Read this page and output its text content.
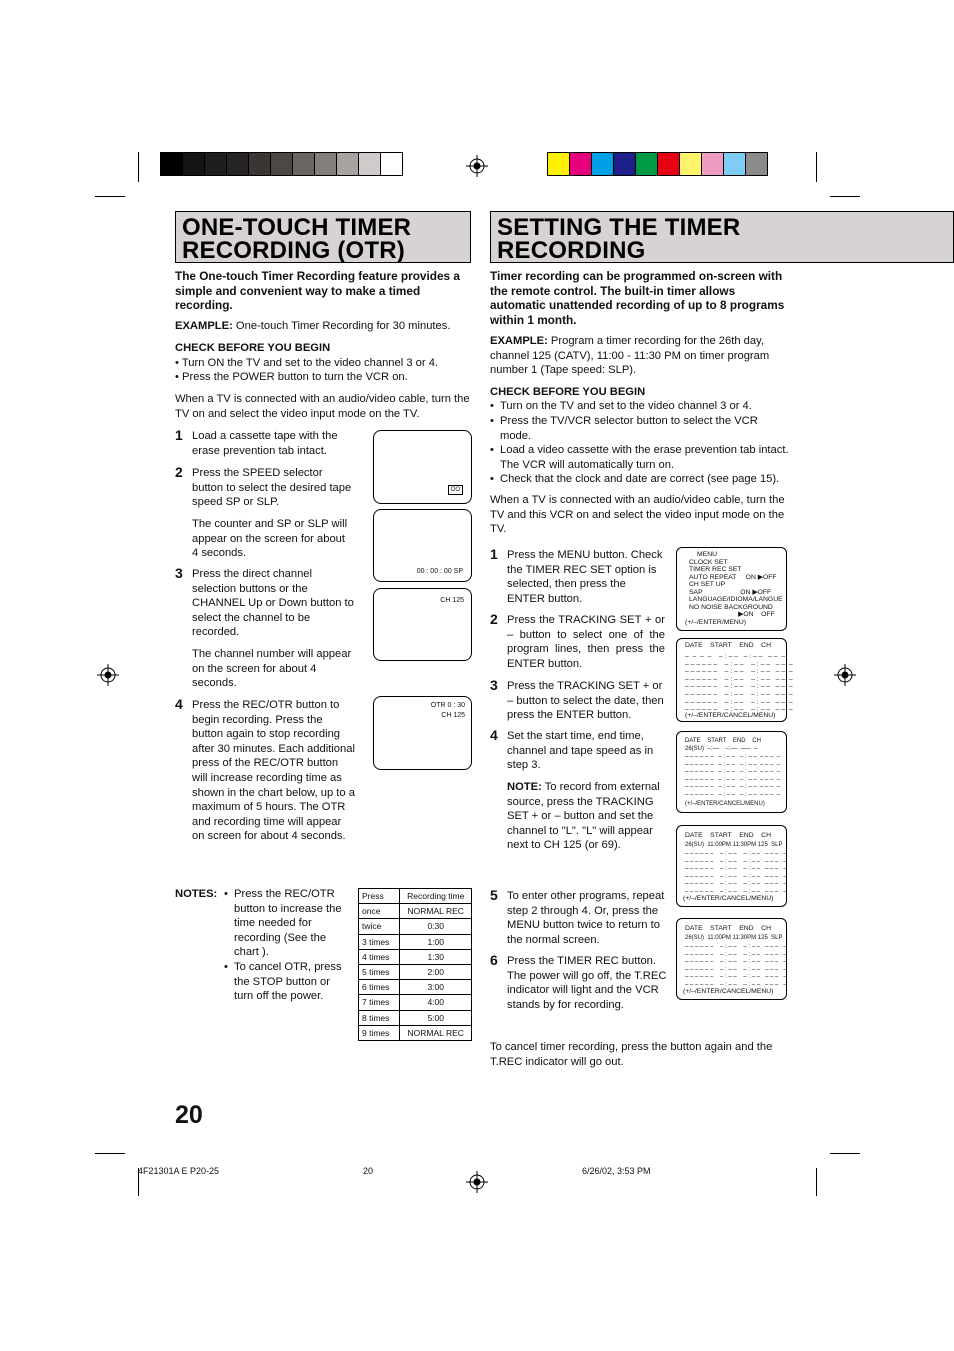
ONE-TOUCH TIMER
RECORDING (OTR)
SETTING THE TIMER
RECORDING
The One-touch Timer Recording feature provides a simple and convenient way to make a timed recording.
EXAMPLE: One-touch Timer Recording for 30 minutes.
CHECK BEFORE YOU BEGIN
• Turn ON the TV and set to the video channel 3 or 4.
• Press the POWER button to turn the VCR on.
When a TV is connected with an audio/video cable, turn the TV on and select the video input mode on the TV.
1 Load a cassette tape with the erase prevention tab intact.
2 Press the SPEED selector button to select the desired tape speed SP or SLP.
The counter and SP or SLP will appear on the screen for about 4 seconds.
3 Press the direct channel selection buttons or the CHANNEL Up or Down button to select the channel to be recorded.
The channel number will appear on the screen for about 4 seconds.
4 Press the REC/OTR button to begin recording. Press the button again to stop recording after 30 minutes. Each additional press of the REC/OTR button will increase recording time as shown in the chart below, up to a maximum of 5 hours. The OTR and recording time will appear on screen for about 4 seconds.
OO
00 : 00 : 00 SP
CH 125
OTR 0 : 30
CH 125
NOTES: • Press the REC/OTR button to increase the time needed for recording (See the chart ).
• To cancel OTR, press the STOP button or turn off the power.
Press	Recording time
once	NORMAL REC
twice	0:30
3 times	1:00
4 times	1:30
5 times	2:00
6 times	3:00
7 times	4:00
8 times	5:00
9 times	NORMAL REC
Timer recording can be programmed on-screen with the remote control. The built-in timer allows automatic unattended recording of up to 8 programs within 1 month.
EXAMPLE: Program a timer recording for the 26th day, channel 125 (CATV), 11:00 - 11:30 PM on timer program number 1 (Tape speed: SLP).
CHECK BEFORE YOU BEGIN
• Turn on the TV and set to the video channel 3 or 4.
• Press the TV/VCR selector button to select the VCR mode.
• Load a video cassette with the erase prevention tab intact. The VCR will automatically turn on.
• Check that the clock and date are correct (see page 15).
When a TV is connected with an audio/video cable, turn the TV and this VCR on and select the video input mode on the TV.
1 Press the MENU button. Check the TIMER REC SET option is selected, then press the ENTER button.
2 Press the TRACKING SET + or – button to select one of the program lines, then press the ENTER button.
3 Press the TRACKING SET + or – button to select the date, then press the ENTER button.
4 Set the start time, end time, channel and tape speed as in step 3.
NOTE: To record from external source, press the TRACKING SET + or – button and set the channel to "L". "L" will appear next to CH 125 (or 69).
5 To enter other programs, repeat step 2 through 4. Or, press the MENU button twice to return to the normal screen.
6 Press the TIMER REC button. The power will go off, the T.REC indicator will light and the VCR stands by for recording.
To cancel timer recording, press the button again and the T.REC indicator will go out.
MENU
CLOCK SET
TIMER REC SET
AUTO REPEAT     ON ▶OFF
CH SET UP
SAP                    ON ▶OFF
LANGUAGE/IDIOMA/LANGUE
NO NOISE BACKGROUND
▶ON    OFF
(+/–/ENTER/MENU)
DATE    START    END    CH
–  –  –  –    – : – –   – : – –   – –  –
– – – – – –    – : – –    – : – –   – –  –
– – – – – –    – : – –    – : – –   – –  –
– – – – – –    – : – –    – : – –   – –  –
– – – – – –    – : – –    – : – –   – –  –
– – – – – –    – : – –    – : – –   – –  –
– – – – – –    – : – –    – : – –   – –  –
– – – – – –    – : – –    – : – –   – –  –
(+/–/ENTER/CANCEL/MENU)
DATE    START    END    CH
26(SU)  –:––    –:––  –––  –
– – – – – –   – : – –   – : – –  – – –  –
– – – – – –   – : – –   – : – –  – – –  –
– – – – – –   – : – –   – : – –  – – –  –
– – – – – –   – : – –   – : – –  – – –  –
– – – – – –   – : – –   – : – –  – – –  –
– – – – – –   – : – –   – : – –  – – –  –
(+/–/ENTER/CANCEL/MENU)
DATE    START    END    CH
26(SU)  11:00PM 11:30PM 125  SLP
– – – – – –    – : – –    – : – –   – – –   –
– – – – – –    – : – –    – : – –   – – –   –
– – – – – –    – : – –    – : – –   – – –   –
– – – – – –    – : – –    – : – –   – – –   –
– – – – – –    – : – –    – : – –   – – –   –
– – – – – –    – : – –    – : – –   – – –   –
(+/–/ENTER/CANCEL/MENU)
DATE    START    END    CH
26(SU)  11:00PM 11:30PM 125  SLP
– – – – – –    – : – –    – : – –   – – –   –
– – – – – –    – : – –    – : – –   – – –   –
– – – – – –    – : – –    – : – –   – – –   –
– – – – – –    – : – –    – : – –   – – –   –
– – – – – –    – : – –    – : – –   – – –   –
– – – – – –    – : – –    – : – –   – – –   –
(+/–/ENTER/CANCEL/MENU)
20
4F21301A E P20-25	20	6/26/02, 3:53 PM
